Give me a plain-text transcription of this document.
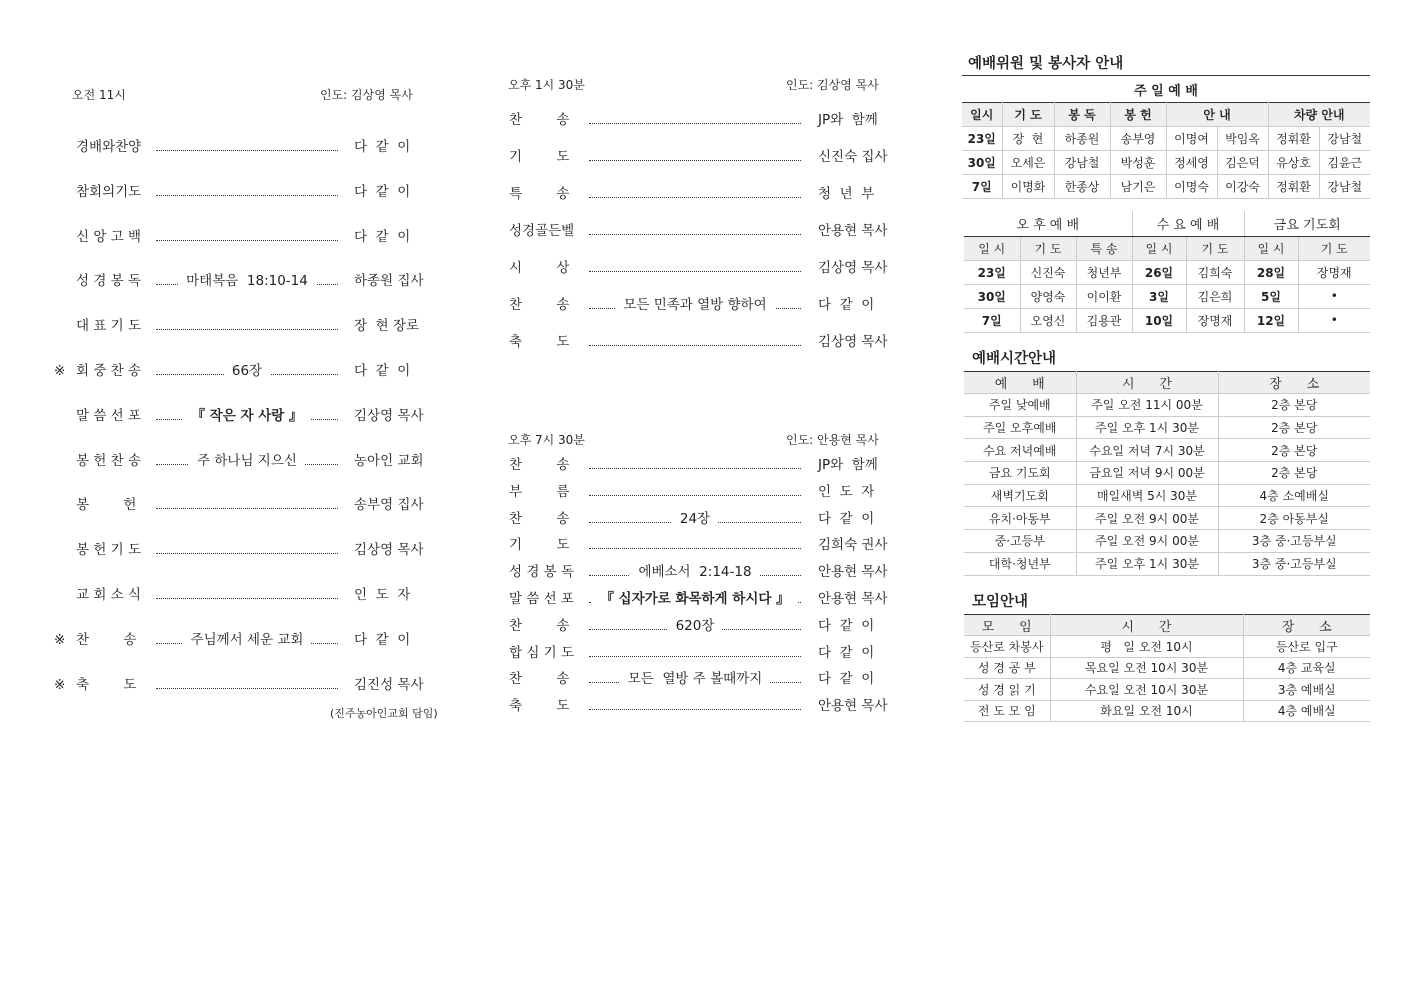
오전 11시	인도: 김상영 목사
경배와찬양	다  같  이
참회의기도	다  같  이
신 앙 고 백	다  같  이
성 경 봉 독	마태복음  18:10-14	하종원 집사
대 표 기 도	장  현 장로
※ 회 중 찬 송	66장	다  같  이
말 씀 선 포	『 작은 자 사랑 』	김상영 목사
봉 헌 찬 송	주 하나님 지으신	농아인 교회
봉        헌	송부영 집사
봉 헌 기 도	김상영 목사
교 회 소 식	인  도  자
※ 찬        송	주님께서 세운 교회	다  같  이
※ 축        도	김진성 목사
(진주농아인교회 담임)
오후 1시 30분	인도: 김상영 목사
찬        송	JP와  함께
기        도	신진숙 집사
특        송	청  년  부
성경골든벨	안용현 목사
시        상	김상영 목사
찬        송	모든 민족과 열방 향하여	다  같  이
축        도	김상영 목사
오후 7시 30분	인도: 안용현 목사
찬        송	JP와  함께
부        름	인  도  자
찬        송	24장	다  같  이
기        도	김희숙 권사
성 경 봉 독	에베소서  2:14-18	안용현 목사
말 씀 선 포	『 십자가로 화목하게 하시다 』	안용현 목사
찬        송	620장	다  같  이
합 심 기 도	다  같  이
찬        송	모든  열방 주 볼때까지	다  같  이
축        도	안용현 목사
예배위원 및 봉사자 안내
주 일 예 배
일시	기 도	봉 독	봉 헌	안 내		차량 안내	
23일	장  현	하종원	송부영	이명여	박임옥	정휘환	강남철
30일	오세은	강남철	박성훈	정세영	김은덕	유상호	김윤근
7일	이명화	한종상	남기은	이명숙	이강숙	정휘환	강남철
오 후 예 배			수 요 예 배		금요 기도회	
일 시	기 도	특 송	일 시	기 도	일 시	기 도
23일	신진숙	청년부	26일	김희숙	28일	장명재
30일	양영숙	이이환	3일	김은희	5일	•
7일	오영신	김용관	10일	장명재	12일	•
예배시간안내
예      배	시      간	장      소
주일 낮예배	주일 오전 11시 00분	2층 본당
주일 오후예배	주일 오후 1시 30분	2층 본당
수요 저녁예배	수요일 저녁 7시 30분	2층 본당
금요 기도회	금요일 저녁 9시 00분	2층 본당
새벽기도회	매일새벽 5시 30분	4층 소예배실
유치·아동부	주일 오전 9시 00분	2층 아동부실
중·고등부	주일 오전 9시 00분	3층 중·고등부실
대학·청년부	주일 오후 1시 30분	3층 중·고등부실
모임안내
모      임	시      간	장      소
등산로 차봉사	평   일 오전 10시	등산로 입구
성 경 공 부	목요일 오전 10시 30분	4층 교육실
성 경 읽 기	수요일 오전 10시 30분	3층 예배실
전 도 모 임	화요일 오전 10시	4층 예배실
